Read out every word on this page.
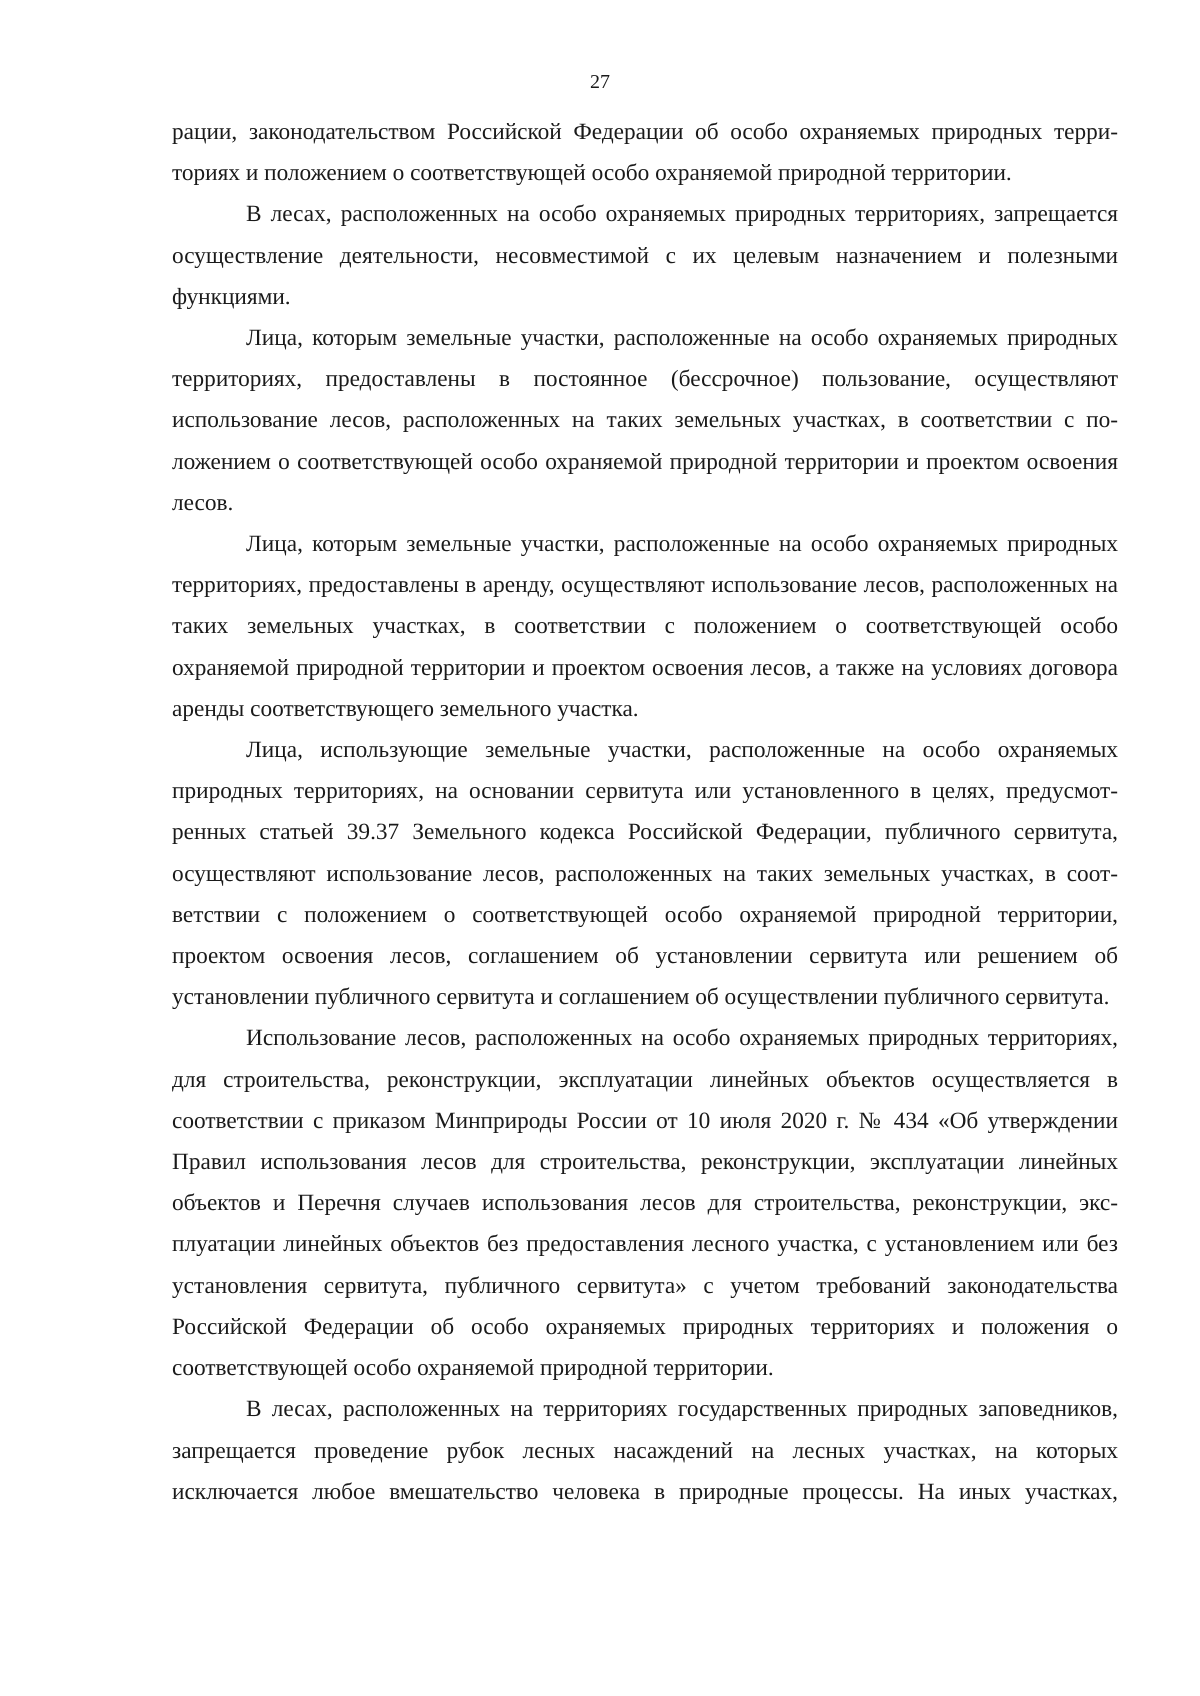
27

рации, законодательством Российской Федерации об особо охраняемых природных территориях и положением о соответствующей особо охраняемой природной территории.

В лесах, расположенных на особо охраняемых природных территориях, запрещается осуществление деятельности, несовместимой с их целевым назначением и полезными функциями.

Лица, которым земельные участки, расположенные на особо охраняемых природных территориях, предоставлены в постоянное (бессрочное) пользование, осуществляют использование лесов, расположенных на таких земельных участках, в соответствии с положением о соответствующей особо охраняемой природной территории и проектом освоения лесов.

Лица, которым земельные участки, расположенные на особо охраняемых природных территориях, предоставлены в аренду, осуществляют использование лесов, расположенных на таких земельных участках, в соответствии с положением о соответствующей особо охраняемой природной территории и проектом освоения лесов, а также на условиях договора аренды соответствующего земельного участка.

Лица, использующие земельные участки, расположенные на особо охраняемых природных территориях, на основании сервитута или установленного в целях, предусмотренных статьей 39.37 Земельного кодекса Российской Федерации, публичного сервитута, осуществляют использование лесов, расположенных на таких земельных участках, в соответствии с положением о соответствующей особо охраняемой природной территории, проектом освоения лесов, соглашением об установлении сервитута или решением об установлении публичного сервитута и соглашением об осуществлении публичного сервитута.

Использование лесов, расположенных на особо охраняемых природных территориях, для строительства, реконструкции, эксплуатации линейных объектов осуществляется в соответствии с приказом Минприроды России от 10 июля 2020 г. № 434 «Об утверждении Правил использования лесов для строительства, реконструкции, эксплуатации линейных объектов и Перечня случаев использования лесов для строительства, реконструкции, эксплуатации линейных объектов без предоставления лесного участка, с установлением или без установления сервитута, публичного сервитута» с учетом требований законодательства Российской Федерации об особо охраняемых природных территориях и положения о соответствующей особо охраняемой природной территории.

В лесах, расположенных на территориях государственных природных заповедников, запрещается проведение рубок лесных насаждений на лесных участках, на которых исключается любое вмешательство человека в природные процессы. На иных участках,
